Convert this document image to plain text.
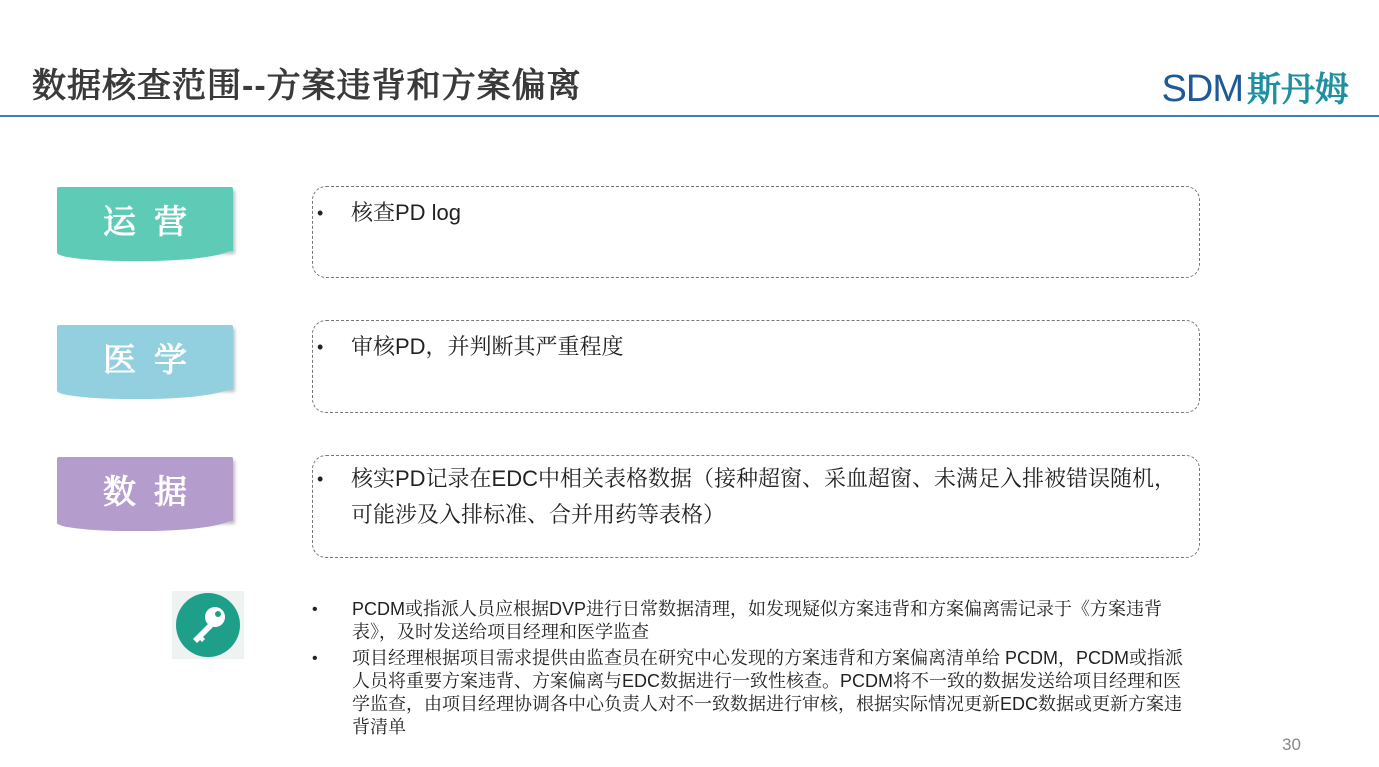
数据核查范围--方案违背和方案偏离	SDM 斯丹姆
运营	•	核查PD log
医学	•	审核PD，并判断其严重程度
数据	•	核实PD记录在EDC中相关表格数据（接种超窗、采血超窗、未满足入排被错误随机，可能涉及入排标准、合并用药等表格）
•	PCDM或指派人员应根据DVP进行日常数据清理，如发现疑似方案违背和方案偏离需记录于《方案违背表》，及时发送给项目经理和医学监查
•	项目经理根据项目需求提供由监查员在研究中心发现的方案违背和方案偏离清单给 PCDM，PCDM或指派人员将重要方案违背、方案偏离与EDC数据进行一致性核查。PCDM将不一致的数据发送给项目经理和医学监查，由项目经理协调各中心负责人对不一致数据进行审核，根据实际情况更新EDC数据或更新方案违背清单
30
